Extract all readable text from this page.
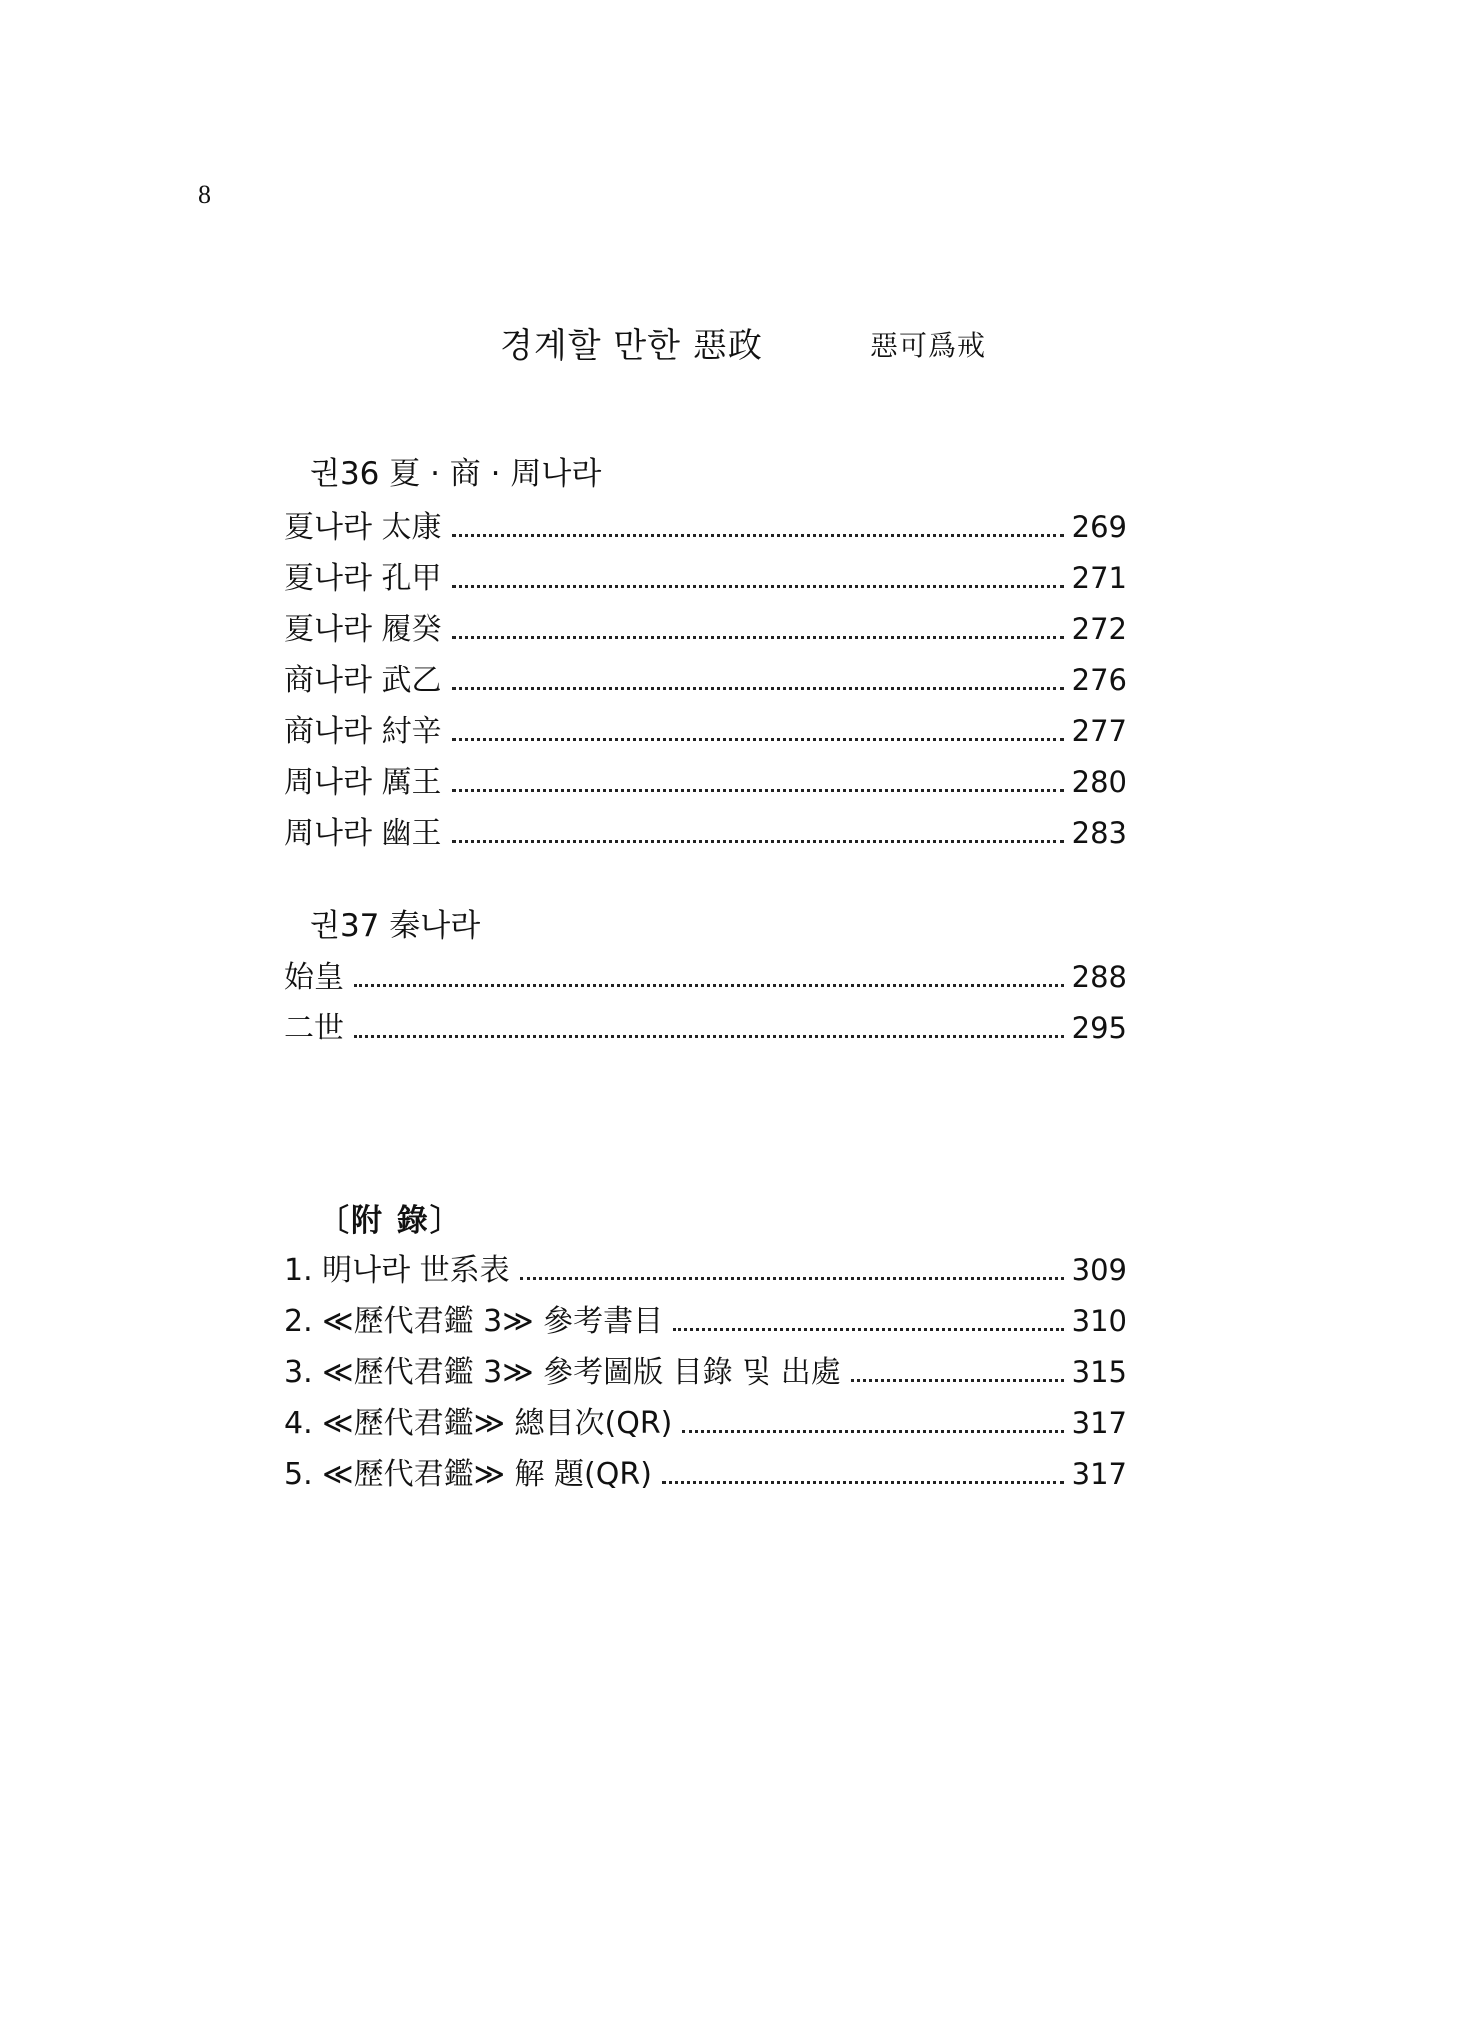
8
경계할 만한 惡政	惡可爲戒
권36 夏 · 商 · 周나라
夏나라 太康	269
夏나라 孔甲	271
夏나라 履癸	272
商나라 武乙	276
商나라 紂辛	277
周나라 厲王	280
周나라 幽王	283
권37 秦나라
始皇	288
二世	295
〔附 錄〕
1. 明나라 世系表	309
2. ≪歷代君鑑 3≫ 參考書目	310
3. ≪歷代君鑑 3≫ 參考圖版 目錄 및 出處	315
4. ≪歷代君鑑≫ 總目次(QR)	317
5. ≪歷代君鑑≫ 解 題(QR)	317
